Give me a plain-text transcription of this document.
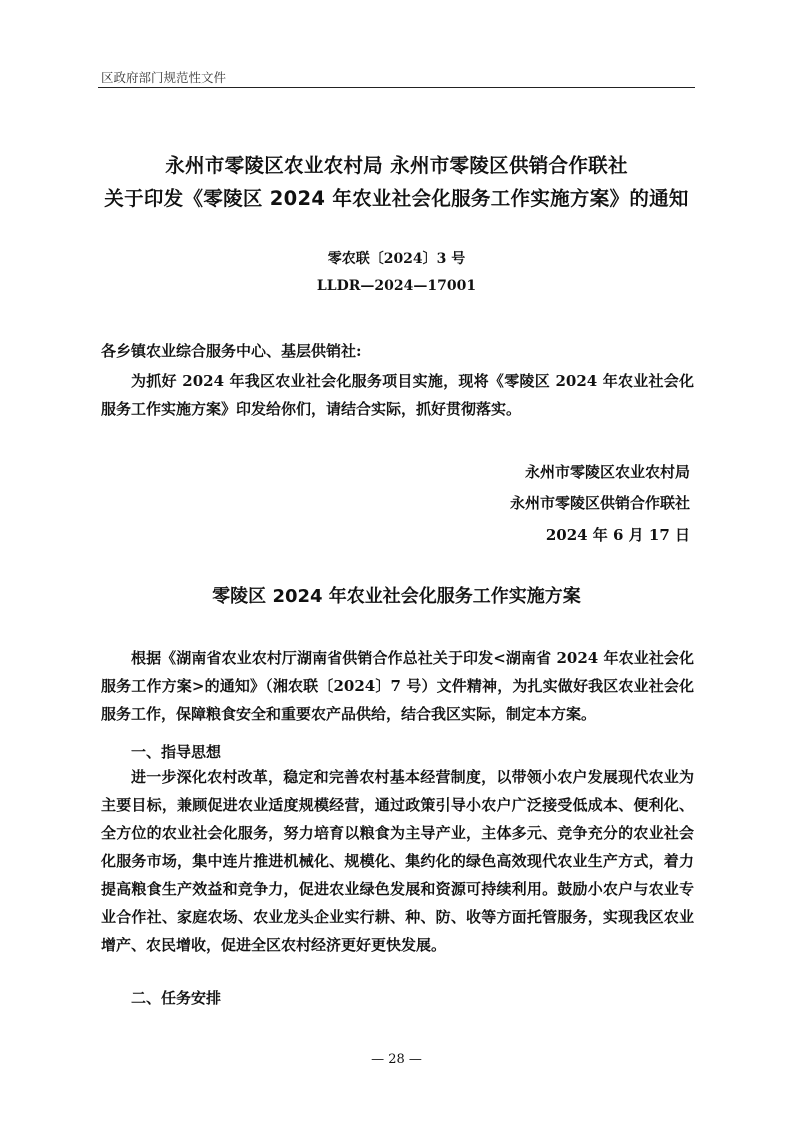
区政府部门规范性文件
永州市零陵区农业农村局 永州市零陵区供销合作联社
关于印发《零陵区 2024 年农业社会化服务工作实施方案》的通知
零农联〔2024〕3 号
LLDR—2024—17001
各乡镇农业综合服务中心、基层供销社:
为抓好 2024 年我区农业社会化服务项目实施，现将《零陵区 2024 年农业社会化服务工作实施方案》印发给你们，请结合实际，抓好贯彻落实。
永州市零陵区农业农村局
永州市零陵区供销合作联社
2024 年 6 月 17 日
零陵区 2024 年农业社会化服务工作实施方案
根据《湖南省农业农村厅湖南省供销合作总社关于印发<湖南省 2024 年农业社会化服务工作方案>的通知》（湘农联〔2024〕7 号）文件精神，为扎实做好我区农业社会化服务工作，保障粮食安全和重要农产品供给，结合我区实际，制定本方案。
一、指导思想
进一步深化农村改革，稳定和完善农村基本经营制度，以带领小农户发展现代农业为主要目标，兼顾促进农业适度规模经营，通过政策引导小农户广泛接受低成本、便利化、全方位的农业社会化服务，努力培育以粮食为主导产业，主体多元、竞争充分的农业社会化服务市场，集中连片推进机械化、规模化、集约化的绿色高效现代农业生产方式，着力提高粮食生产效益和竞争力，促进农业绿色发展和资源可持续利用。鼓励小农户与农业专业合作社、家庭农场、农业龙头企业实行耕、种、防、收等方面托管服务，实现我区农业增产、农民增收，促进全区农村经济更好更快发展。
二、任务安排
— 28 —
